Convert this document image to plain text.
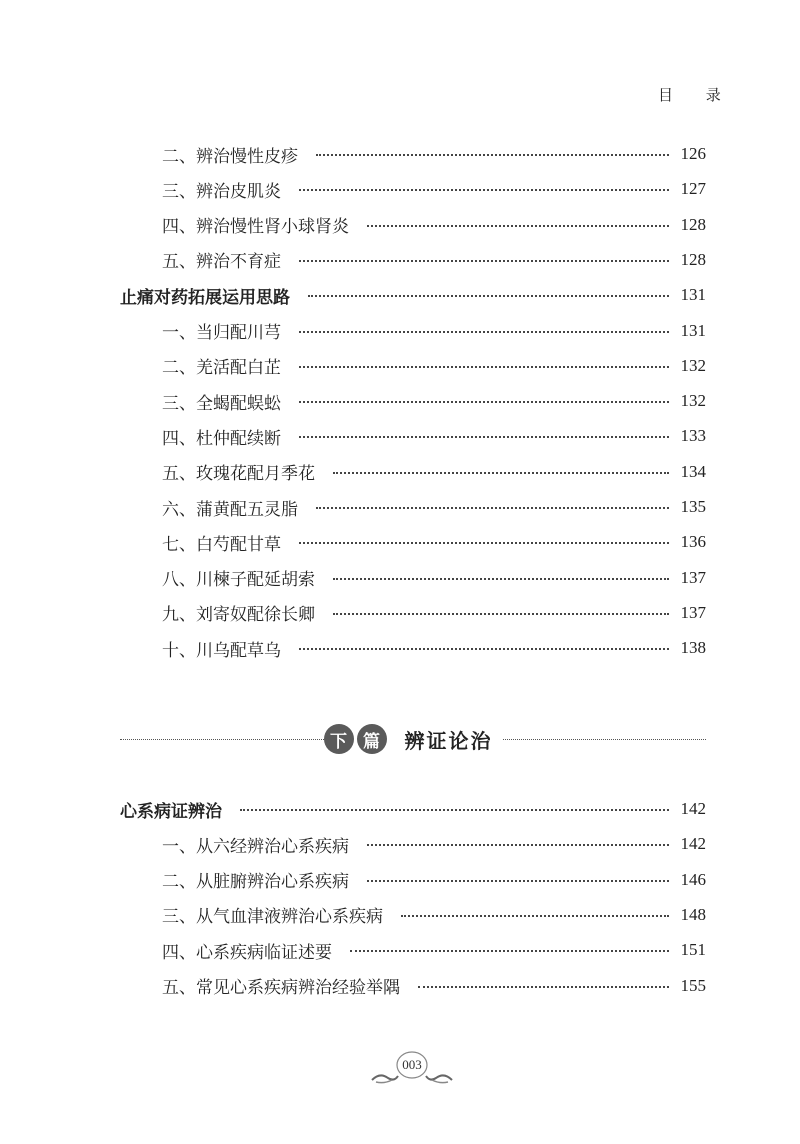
目 录
二、辨治慢性皮疹	126
三、辨治皮肌炎	127
四、辨治慢性肾小球肾炎	128
五、辨治不育症	128
止痛对药拓展运用思路	131
一、当归配川芎	131
二、羌活配白芷	132
三、全蝎配蜈蚣	132
四、杜仲配续断	133
五、玫瑰花配月季花	134
六、蒲黄配五灵脂	135
七、白芍配甘草	136
八、川楝子配延胡索	137
九、刘寄奴配徐长卿	137
十、川乌配草乌	138
下 篇	辨证论治
心系病证辨治	142
一、从六经辨治心系疾病	142
二、从脏腑辨治心系疾病	146
三、从气血津液辨治心系疾病	148
四、心系疾病临证述要	151
五、常见心系疾病辨治经验举隅	155
003
